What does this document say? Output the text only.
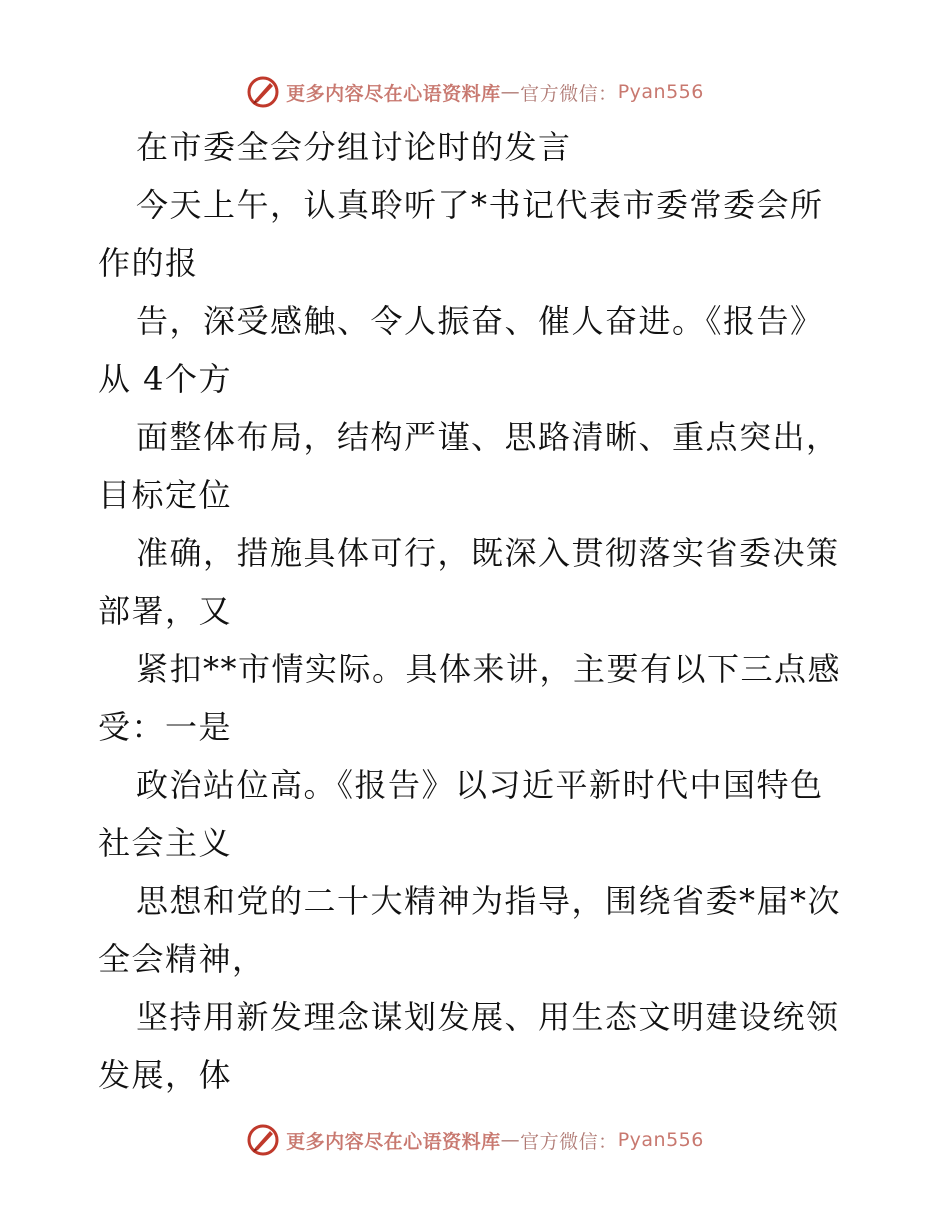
更多内容尽在心语资料库 — 官方微信： Pyan556
在市委全会分组讨论时的发言
今天上午，认真聆听了*书记代表市委常委会所
作的报
告，深受感触、令人振奋、催人奋进。《报告》
从 4个方
面整体布局，结构严谨、思路清晰、重点突出，
目标定位
准确，措施具体可行，既深入贯彻落实省委决策
部署，又
紧扣**市情实际。具体来讲，主要有以下三点感
受：一是
政治站位高。《报告》以习近平新时代中国特色
社会主义
思想和党的二十大精神为指导，围绕省委*届*次
全会精神，
坚持用新发理念谋划发展、用生态文明建设统领
发展，体
更多内容尽在心语资料库 — 官方微信： Pyan556
